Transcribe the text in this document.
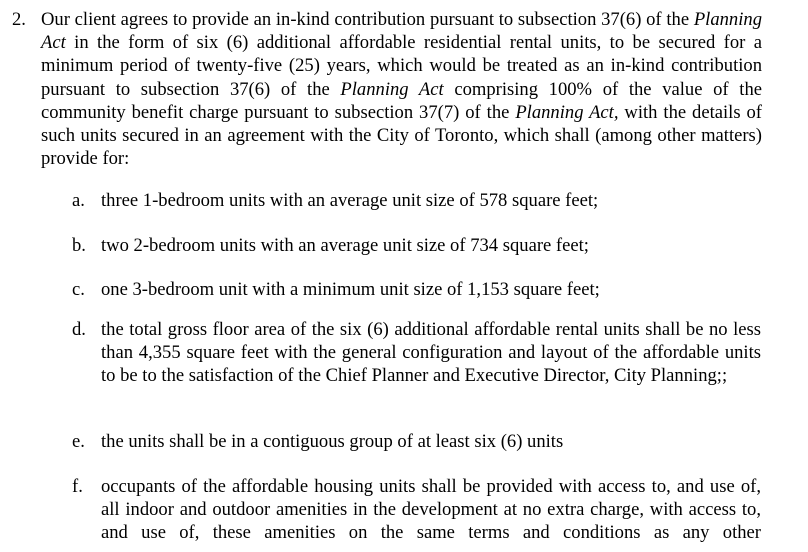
2. Our client agrees to provide an in-kind contribution pursuant to subsection 37(6) of the Planning Act in the form of six (6) additional affordable residential rental units, to be secured for a minimum period of twenty-five (25) years, which would be treated as an in-kind contribution pursuant to subsection 37(6) of the Planning Act comprising 100% of the value of the community benefit charge pursuant to subsection 37(7) of the Planning Act, with the details of such units secured in an agreement with the City of Toronto, which shall (among other matters) provide for:
a. three 1-bedroom units with an average unit size of 578 square feet;
b. two 2-bedroom units with an average unit size of 734 square feet;
c. one 3-bedroom unit with a minimum unit size of 1,153 square feet;
d. the total gross floor area of the six (6) additional affordable rental units shall be no less than 4,355 square feet with the general configuration and layout of the affordable units to be to the satisfaction of the Chief Planner and Executive Director, City Planning;;
e. the units shall be in a contiguous group of at least six (6) units
f. occupants of the affordable housing units shall be provided with access to, and use of, all indoor and outdoor amenities in the development at no extra charge, with access to, and use of, these amenities on the same terms and conditions as any other
